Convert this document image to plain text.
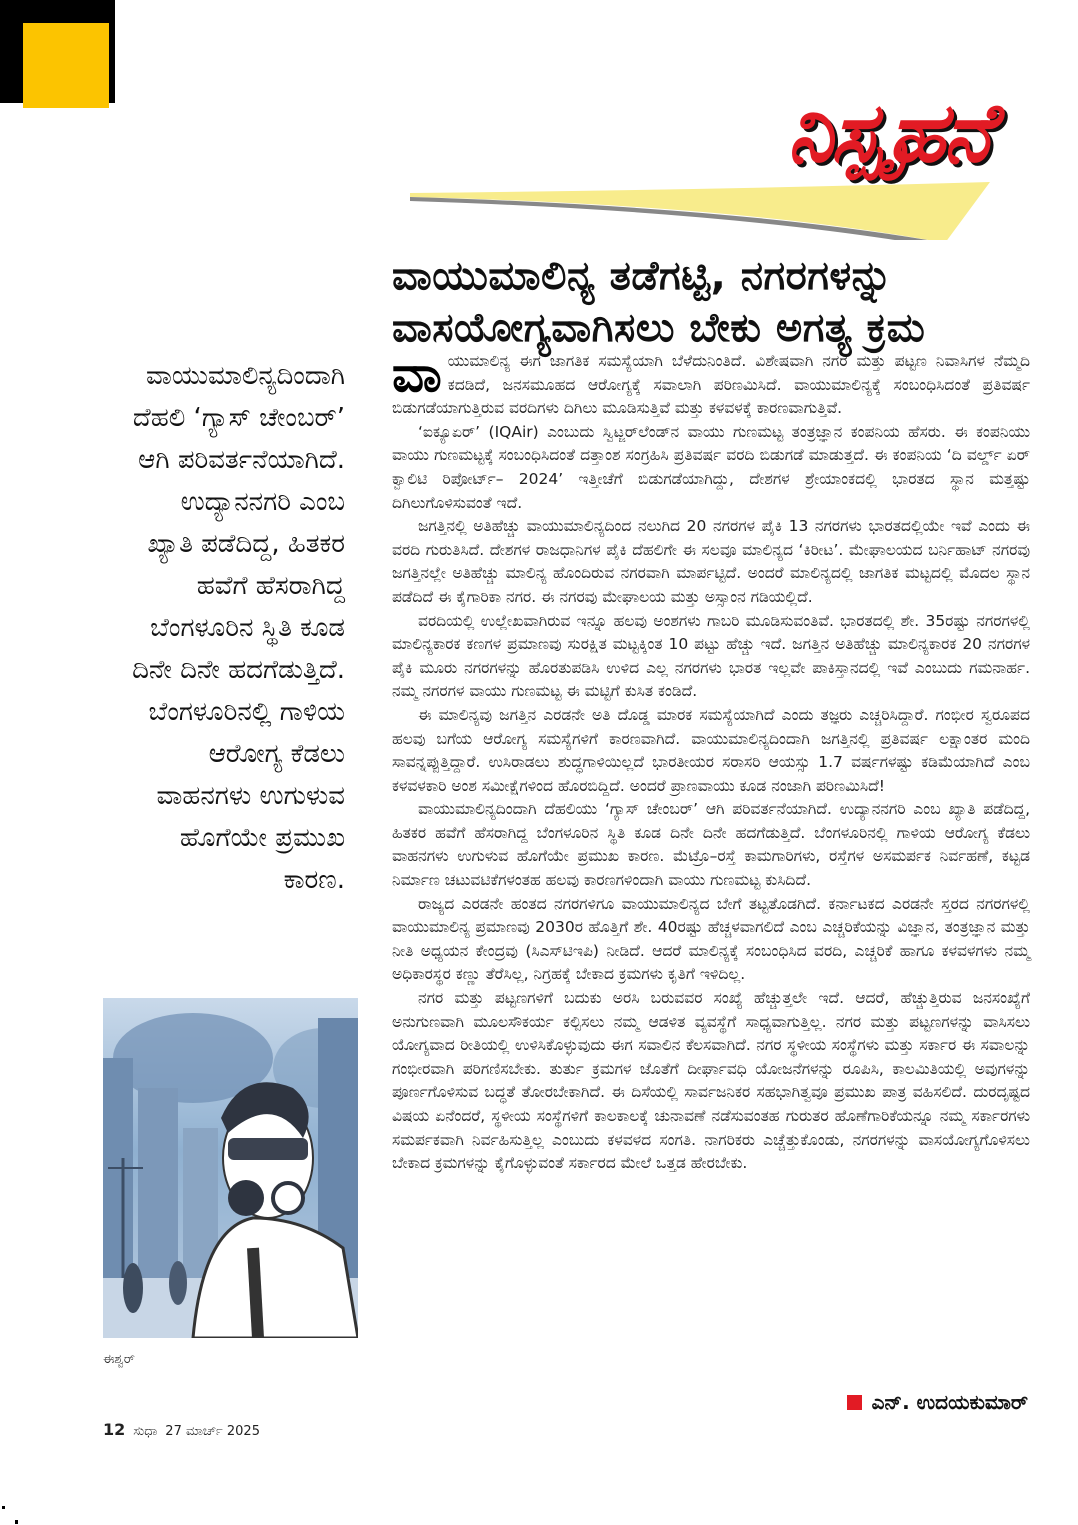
ನಿಸ್ಪೃಹನೆ
ವಾಯುಮಾಲಿನ್ಯ ತಡೆಗಟ್ಟಿ, ನಗರಗಳನ್ನು
ವಾಸಯೋಗ್ಯವಾಗಿಸಲು ಬೇಕು ಅಗತ್ಯ ಕ್ರಮ
ವಾಯುಮಾಲಿನ್ಯದಿಂದಾಗಿ
ದೆಹಲಿ ‘ಗ್ಯಾಸ್ ಚೇಂಬರ್’
ಆಗಿ ಪರಿವರ್ತನೆಯಾಗಿದೆ.
ಉದ್ಯಾನನಗರಿ ಎಂಬ
ಖ್ಯಾತಿ ಪಡೆದಿದ್ದ, ಹಿತಕರ
ಹವೆಗೆ ಹೆಸರಾಗಿದ್ದ
ಬೆಂಗಳೂರಿನ ಸ್ಥಿತಿ ಕೂಡ
ದಿನೇ ದಿನೇ ಹದಗೆಡುತ್ತಿದೆ.
ಬೆಂಗಳೂರಿನಲ್ಲಿ ಗಾಳಿಯ
ಆರೋಗ್ಯ ಕೆಡಲು
ವಾಹನಗಳು ಉಗುಳುವ
ಹೊಗೆಯೇ ಪ್ರಮುಖ
ಕಾರಣ.
ಈಶ್ವರ್

ವಾಯುಮಾಲಿನ್ಯ ಈಗ ಜಾಗತಿಕ ಸಮಸ್ಯೆಯಾಗಿ ಬೆಳೆದುನಿಂತಿದೆ. ವಿಶೇಷವಾಗಿ ನಗರ ಮತ್ತು ಪಟ್ಟಣ ನಿವಾಸಿಗಳ ನೆಮ್ಮದಿ ಕದಡಿದೆ, ಜನಸಮೂಹದ ಆರೋಗ್ಯಕ್ಕೆ ಸವಾಲಾಗಿ ಪರಿಣಮಿಸಿದೆ. ವಾಯುಮಾಲಿನ್ಯಕ್ಕೆ ಸಂಬಂಧಿಸಿದಂತೆ ಪ್ರತಿವರ್ಷ ಬಿಡುಗಡೆಯಾಗುತ್ತಿರುವ ವರದಿಗಳು ದಿಗಿಲು ಮೂಡಿಸುತ್ತಿವೆ ಮತ್ತು ಕಳವಳಕ್ಕೆ ಕಾರಣವಾಗುತ್ತಿವೆ.

‘ಐಕ್ಯೂಏರ್’ (IQAir) ಎಂಬುದು ಸ್ವಿಟ್ಜರ್‌ಲೆಂಡ್‌ನ ವಾಯು ಗುಣಮಟ್ಟ ತಂತ್ರಜ್ಞಾನ ಕಂಪನಿಯ ಹೆಸರು. ಈ ಕಂಪನಿಯು ವಾಯು ಗುಣಮಟ್ಟಕ್ಕೆ ಸಂಬಂಧಿಸಿದಂತೆ ದತ್ತಾಂಶ ಸಂಗ್ರಹಿಸಿ ಪ್ರತಿವರ್ಷ ವರದಿ ಬಿಡುಗಡೆ ಮಾಡುತ್ತದೆ. ಈ ಕಂಪನಿಯ ‘ದಿ ವರ್ಲ್ಡ್ ಏರ್ ಕ್ವಾಲಿಟಿ ರಿಪೋರ್ಟ್– 2024’ ಇತ್ತೀಚೆಗೆ ಬಿಡುಗಡೆಯಾಗಿದ್ದು, ದೇಶಗಳ ಶ್ರೇಯಾಂಕದಲ್ಲಿ ಭಾರತದ ಸ್ಥಾನ ಮತ್ತಷ್ಟು ದಿಗಿಲುಗೊಳಿಸುವಂತೆ ಇದೆ.

ಜಗತ್ತಿನಲ್ಲಿ ಅತಿಹೆಚ್ಚು ವಾಯುಮಾಲಿನ್ಯದಿಂದ ನಲುಗಿದ 20 ನಗರಗಳ ಪೈಕಿ 13 ನಗರಗಳು ಭಾರತದಲ್ಲಿಯೇ ಇವೆ ಎಂದು ಈ ವರದಿ ಗುರುತಿಸಿದೆ. ದೇಶಗಳ ರಾಜಧಾನಿಗಳ ಪೈಕಿ ದೆಹಲಿಗೇ ಈ ಸಲವೂ ಮಾಲಿನ್ಯದ ‘ಕಿರೀಟ’. ಮೇಘಾಲಯದ ಬರ್ನಿಹಾಟ್ ನಗರವು ಜಗತ್ತಿನಲ್ಲೇ ಅತಿಹೆಚ್ಚು ಮಾಲಿನ್ಯ ಹೊಂದಿರುವ ನಗರವಾಗಿ ಮಾರ್ಪಟ್ಟಿದೆ. ಅಂದರೆ ಮಾಲಿನ್ಯದಲ್ಲಿ ಜಾಗತಿಕ ಮಟ್ಟದಲ್ಲಿ ಮೊದಲ ಸ್ಥಾನ ಪಡೆದಿದೆ ಈ ಕೈಗಾರಿಕಾ ನಗರ. ಈ ನಗರವು ಮೇಘಾಲಯ ಮತ್ತು ಅಸ್ಸಾಂನ ಗಡಿಯಲ್ಲಿದೆ.

ವರದಿಯಲ್ಲಿ ಉಲ್ಲೇಖವಾಗಿರುವ ಇನ್ನೂ ಹಲವು ಅಂಶಗಳು ಗಾಬರಿ ಮೂಡಿಸುವಂತಿವೆ. ಭಾರತದಲ್ಲಿ ಶೇ. 35ರಷ್ಟು ನಗರಗಳಲ್ಲಿ ಮಾಲಿನ್ಯಕಾರಕ ಕಣಗಳ ಪ್ರಮಾಣವು ಸುರಕ್ಷಿತ ಮಟ್ಟಕ್ಕಿಂತ 10 ಪಟ್ಟು ಹೆಚ್ಚು ಇದೆ. ಜಗತ್ತಿನ ಅತಿಹೆಚ್ಚು ಮಾಲಿನ್ಯಕಾರಕ 20 ನಗರಗಳ ಪೈಕಿ ಮೂರು ನಗರಗಳನ್ನು ಹೊರತುಪಡಿಸಿ ಉಳಿದ ಎಲ್ಲ ನಗರಗಳು ಭಾರತ ಇಲ್ಲವೇ ಪಾಕಿಸ್ತಾನದಲ್ಲಿ ಇವೆ ಎಂಬುದು ಗಮನಾರ್ಹ. ನಮ್ಮ ನಗರಗಳ ವಾಯು ಗುಣಮಟ್ಟ ಈ ಮಟ್ಟಿಗೆ ಕುಸಿತ ಕಂಡಿದೆ.

ಈ ಮಾಲಿನ್ಯವು ಜಗತ್ತಿನ ಎರಡನೇ ಅತಿ ದೊಡ್ಡ ಮಾರಕ ಸಮಸ್ಯೆಯಾಗಿದೆ ಎಂದು ತಜ್ಞರು ಎಚ್ಚರಿಸಿದ್ದಾರೆ. ಗಂಭೀರ ಸ್ವರೂಪದ ಹಲವು ಬಗೆಯ ಆರೋಗ್ಯ ಸಮಸ್ಯೆಗಳಿಗೆ ಕಾರಣವಾಗಿದೆ. ವಾಯುಮಾಲಿನ್ಯದಿಂದಾಗಿ ಜಗತ್ತಿನಲ್ಲಿ ಪ್ರತಿವರ್ಷ ಲಕ್ಷಾಂತರ ಮಂದಿ ಸಾವನ್ನಪ್ಪುತ್ತಿದ್ದಾರೆ. ಉಸಿರಾಡಲು ಶುದ್ಧಗಾಳಿಯಿಲ್ಲದೆ ಭಾರತೀಯರ ಸರಾಸರಿ ಆಯಸ್ಸು 1.7 ವರ್ಷಗಳಷ್ಟು ಕಡಿಮೆಯಾಗಿದೆ ಎಂಬ ಕಳವಳಕಾರಿ ಅಂಶ ಸಮೀಕ್ಷೆಗಳಿಂದ ಹೊರಬಿದ್ದಿದೆ. ಅಂದರೆ ಪ್ರಾಣವಾಯು ಕೂಡ ನಂಜಾಗಿ ಪರಿಣಮಿಸಿದೆ!

ವಾಯುಮಾಲಿನ್ಯದಿಂದಾಗಿ ದೆಹಲಿಯು ‘ಗ್ಯಾಸ್ ಚೇಂಬರ್’ ಆಗಿ ಪರಿವರ್ತನೆಯಾಗಿದೆ. ಉದ್ಯಾನನಗರಿ ಎಂಬ ಖ್ಯಾತಿ ಪಡೆದಿದ್ದ, ಹಿತಕರ ಹವೆಗೆ ಹೆಸರಾಗಿದ್ದ ಬೆಂಗಳೂರಿನ ಸ್ಥಿತಿ ಕೂಡ ದಿನೇ ದಿನೇ ಹದಗೆಡುತ್ತಿದೆ. ಬೆಂಗಳೂರಿನಲ್ಲಿ ಗಾಳಿಯ ಆರೋಗ್ಯ ಕೆಡಲು ವಾಹನಗಳು ಉಗುಳುವ ಹೊಗೆಯೇ ಪ್ರಮುಖ ಕಾರಣ. ಮೆಟ್ರೊ–ರಸ್ತೆ ಕಾಮಗಾರಿಗಳು, ರಸ್ತೆಗಳ ಅಸಮರ್ಪಕ ನಿರ್ವಹಣೆ, ಕಟ್ಟಡ ನಿರ್ಮಾಣ ಚಟುವಟಿಕೆಗಳಂತಹ ಹಲವು ಕಾರಣಗಳಿಂದಾಗಿ ವಾಯು ಗುಣಮಟ್ಟ ಕುಸಿದಿದೆ.

ರಾಜ್ಯದ ಎರಡನೇ ಹಂತದ ನಗರಗಳಿಗೂ ವಾಯುಮಾಲಿನ್ಯದ ಬೇಗೆ ತಟ್ಟತೊಡಗಿದೆ. ಕರ್ನಾಟಕದ ಎರಡನೇ ಸ್ತರದ ನಗರಗಳಲ್ಲಿ ವಾಯುಮಾಲಿನ್ಯ ಪ್ರಮಾಣವು 2030ರ ಹೊತ್ತಿಗೆ ಶೇ. 40ರಷ್ಟು ಹೆಚ್ಚಳವಾಗಲಿದೆ ಎಂಬ ಎಚ್ಚರಿಕೆಯನ್ನು ವಿಜ್ಞಾನ, ತಂತ್ರಜ್ಞಾನ ಮತ್ತು ನೀತಿ ಅಧ್ಯಯನ ಕೇಂದ್ರವು (ಸಿಎಸ್‌ಟಿಇಪಿ) ನೀಡಿದೆ. ಆದರೆ ಮಾಲಿನ್ಯಕ್ಕೆ ಸಂಬಂಧಿಸಿದ ವರದಿ, ಎಚ್ಚರಿಕೆ ಹಾಗೂ ಕಳವಳಗಳು ನಮ್ಮ ಅಧಿಕಾರಸ್ಥರ ಕಣ್ಣು ತೆರೆಸಿಲ್ಲ, ನಿಗ್ರಹಕ್ಕೆ ಬೇಕಾದ ಕ್ರಮಗಳು ಕೃತಿಗೆ ಇಳಿದಿಲ್ಲ.

ನಗರ ಮತ್ತು ಪಟ್ಟಣಗಳಿಗೆ ಬದುಕು ಅರಸಿ ಬರುವವರ ಸಂಖ್ಯೆ ಹೆಚ್ಚುತ್ತಲೇ ಇದೆ. ಆದರೆ, ಹೆಚ್ಚುತ್ತಿರುವ ಜನಸಂಖ್ಯೆಗೆ ಅನುಗುಣವಾಗಿ ಮೂಲಸೌಕರ್ಯ ಕಲ್ಪಿಸಲು ನಮ್ಮ ಆಡಳಿತ ವ್ಯವಸ್ಥೆಗೆ ಸಾಧ್ಯವಾಗುತ್ತಿಲ್ಲ. ನಗರ ಮತ್ತು ಪಟ್ಟಣಗಳನ್ನು ವಾಸಿಸಲು ಯೋಗ್ಯವಾದ ರೀತಿಯಲ್ಲಿ ಉಳಿಸಿಕೊಳ್ಳುವುದು ಈಗ ಸವಾಲಿನ ಕೆಲಸವಾಗಿದೆ. ನಗರ ಸ್ಥಳೀಯ ಸಂಸ್ಥೆಗಳು ಮತ್ತು ಸರ್ಕಾರ ಈ ಸವಾಲನ್ನು ಗಂಭೀರವಾಗಿ ಪರಿಗಣಿಸಬೇಕು. ತುರ್ತು ಕ್ರಮಗಳ ಜೊತೆಗೆ ದೀರ್ಘಾವಧಿ ಯೋಜನೆಗಳನ್ನು ರೂಪಿಸಿ, ಕಾಲಮಿತಿಯಲ್ಲಿ ಅವುಗಳನ್ನು ಪೂರ್ಣಗೊಳಿಸುವ ಬದ್ಧತೆ ತೋರಬೇಕಾಗಿದೆ. ಈ ದಿಸೆಯಲ್ಲಿ ಸಾರ್ವಜನಿಕರ ಸಹಭಾಗಿತ್ವವೂ ಪ್ರಮುಖ ಪಾತ್ರ ವಹಿಸಲಿದೆ. ದುರದೃಷ್ಟದ ವಿಷಯ ಏನೆಂದರೆ, ಸ್ಥಳೀಯ ಸಂಸ್ಥೆಗಳಿಗೆ ಕಾಲಕಾಲಕ್ಕೆ ಚುನಾವಣೆ ನಡೆಸುವಂತಹ ಗುರುತರ ಹೊಣೆಗಾರಿಕೆಯನ್ನೂ ನಮ್ಮ ಸರ್ಕಾರಗಳು ಸಮರ್ಪಕವಾಗಿ ನಿರ್ವಹಿಸುತ್ತಿಲ್ಲ ಎಂಬುದು ಕಳವಳದ ಸಂಗತಿ. ನಾಗರಿಕರು ಎಚ್ಚೆತ್ತುಕೊಂಡು, ನಗರಗಳನ್ನು ವಾಸಯೋಗ್ಯಗೊಳಿಸಲು ಬೇಕಾದ ಕ್ರಮಗಳನ್ನು ಕೈಗೊಳ್ಳುವಂತೆ ಸರ್ಕಾರದ ಮೇಲೆ ಒತ್ತಡ ಹೇರಬೇಕು.

ಎನ್. ಉದಯಕುಮಾರ್
12 ಸುಧಾ 27 ಮಾರ್ಚ್ 2025
